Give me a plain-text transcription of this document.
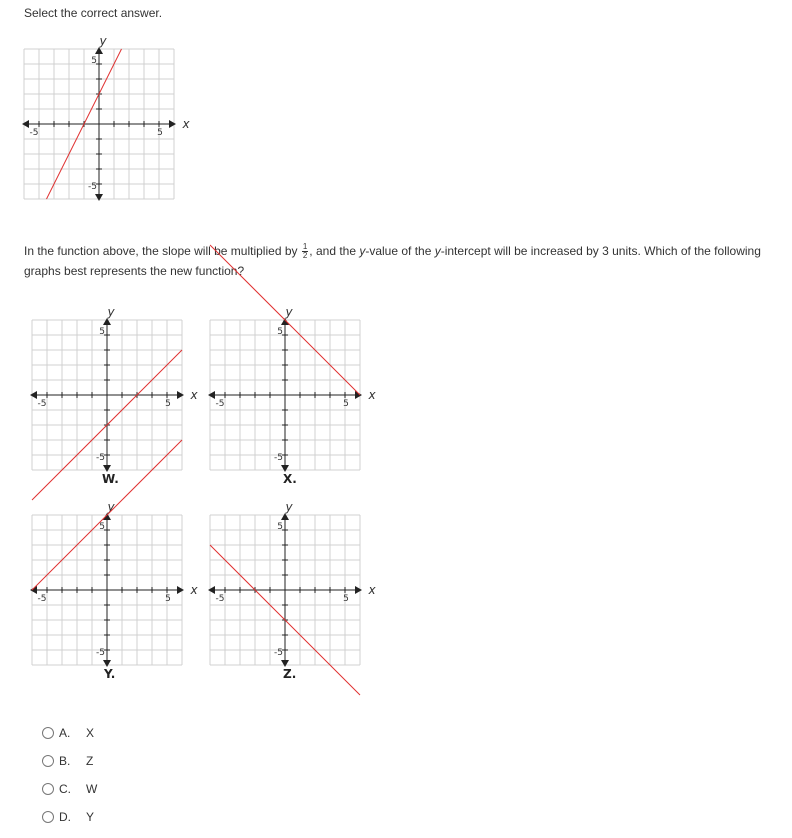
Select the correct answer.
-5	5
5
-5
y
x
In the function above, the slope will be multiplied by $\frac{1}{2}$ , and the y-value of the y-intercept will be increased by 3 units. Which of the following graphs best represents the new function?
-5	5
5
-5
y
x
W.
-5	5
5
-5
y
x
X.
-5	5
5
-5
y
x
Y.
-5	5
5
-5
y
x
Z.
A. X
B. Z
C. W
D. Y
